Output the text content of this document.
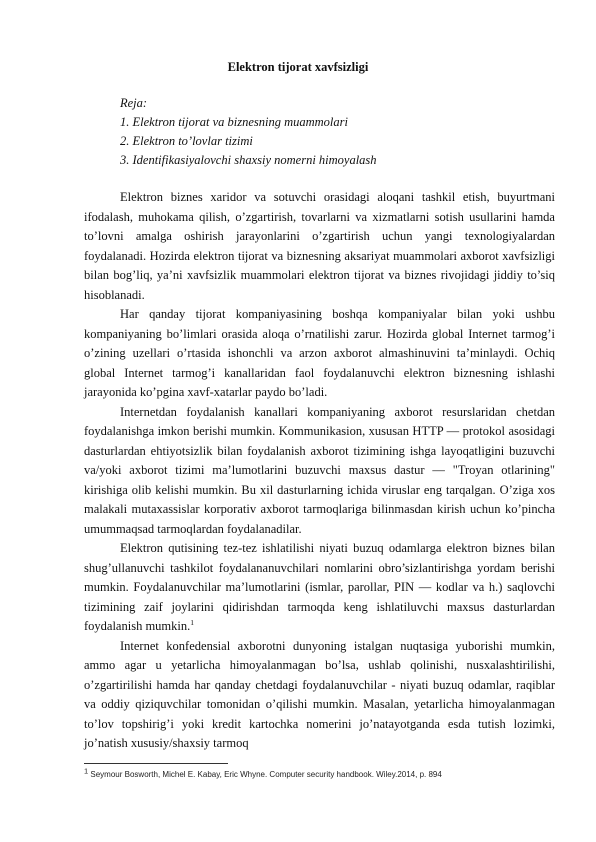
Elektron tijorat xavfsizligi
Reja:
1. Elektron tijorat va biznesning muammolari
2. Elektron to’lovlar tizimi
3. Identifikasiyalovchi shaxsiy nomerni himoyalash

Elektron biznes xaridor va sotuvchi orasidagi aloqani tashkil etish, buyurtmani ifodalash, muhokama qilish, o’zgartirish, tovarlarni va xizmatlarni sotish usullarini hamda to’lovni amalga oshirish jarayonlarini o’zgartirish uchun yangi texnologiyalardan foydalanadi. Hozirda elektron tijorat va biznesning aksariyat muammolari axborot xavfsizligi bilan bog’liq, ya’ni xavfsizlik muammolari elektron tijorat va biznes rivojidagi jiddiy to’siq hisoblanadi.

Har qanday tijorat kompaniyasining boshqa kompaniyalar bilan yoki ushbu kompaniyaning bo’limlari orasida aloqa o’rnatilishi zarur. Hozirda global Internet tarmog’i o’zining uzellari o’rtasida ishonchli va arzon axborot almashinuvini ta’minlaydi. Ochiq global Internet tarmog’i kanallaridan faol foydalanuvchi elektron biznesning ishlashi jarayonida ko’pgina xavf-xatarlar paydo bo’ladi.

Internetdan foydalanish kanallari kompaniyaning axborot resurslaridan chetdan foydalanishga imkon berishi mumkin. Kommunikasion, xususan HTTP — protokol asosidagi dasturlardan ehtiyotsizlik bilan foydalanish axborot tizimining ishga layoqatligini buzuvchi va/yoki axborot tizimi ma’lumotlarini buzuvchi maxsus dastur — "Troyan otlarining" kirishiga olib kelishi mumkin. Bu xil dasturlarning ichida viruslar eng tarqalgan. O’ziga xos malakali mutaxassislar korporativ axborot tarmoqlariga bilinmasdan kirish uchun ko’pincha umummaqsad tarmoqlardan foydalanadilar.

Elektron qutisining tez-tez ishlatilishi niyati buzuq odamlarga elektron biznes bilan shug’ullanuvchi tashkilot foydalananuvchilari nomlarini obro’sizlantirishga yordam berishi mumkin. Foydalanuvchilar ma’lumotlarini (ismlar, parollar, PIN — kodlar va h.) saqlovchi tizimining zaif joylarini qidirishdan tarmoqda keng ishlatiluvchi maxsus dasturlardan foydalanish mumkin.$^1$

Internet konfedensial axborotni dunyoning istalgan nuqtasiga yuborishi mumkin, ammo agar u yetarlicha himoyalanmagan bo’lsa, ushlab qolinishi, nusxalashtirilishi, o’zgartirilishi hamda har qanday chetdagi foydalanuvchilar - niyati buzuq odamlar, raqiblar va oddiy qiziquvchilar tomonidan o’qilishi mumkin. Masalan, yetarlicha himoyalanmagan to’lov topshirig’i yoki kredit kartochka nomerini jo’natayotganda esda tutish lozimki, jo’natish xususiy/shaxsiy tarmoq

$^1$ Seymour Bosworth, Michel E. Kabay, Eric Whyne. Computer security handbook. Wiley.2014, p. 894
